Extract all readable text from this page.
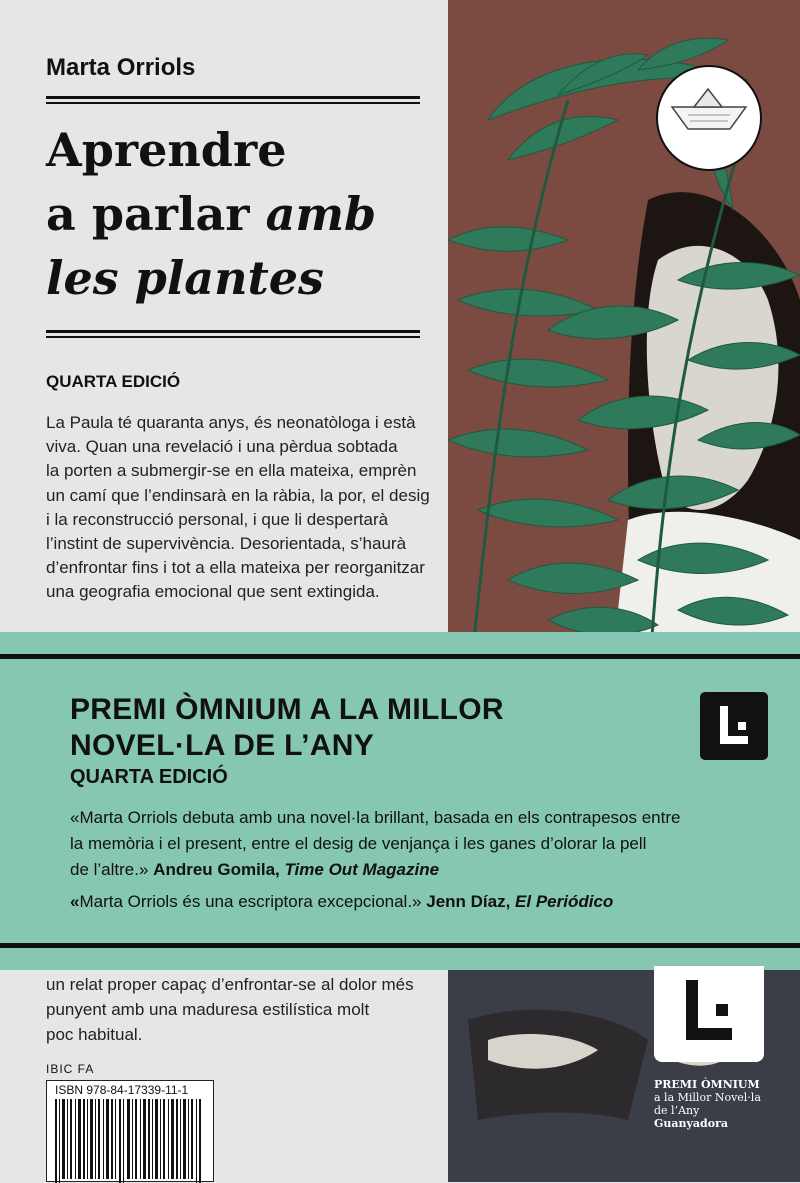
Marta Orriols
Aprendre
a parlar amb
les plantes
QUARTA EDICIÓ
La Paula té quaranta anys, és neonatòloga i està
viva. Quan una revelació i una pèrdua sobtada
la porten a submergir-se en ella mateixa, emprèn
un camí que l’endinsarà en la ràbia, la por, el desig
i la reconstrucció personal, i que li despertarà
l’instint de supervivència. Desorientada, s’haurà
d’enfrontar fins i tot a ella mateixa per reorganitzar
una geografia emocional que sent extingida.
PREMI ÒMNIUM A LA MILLOR
NOVEL·LA DE L’ANY
QUARTA EDICIÓ
«Marta Orriols debuta amb una novel·la brillant, basada en els contrapesos entre
la memòria i el present, entre el desig de venjança i les ganes d’olorar la pell
de l’altre.» Andreu Gomila, Time Out Magazine
«Marta Orriols és una escriptora excepcional.» Jenn Díaz, El Periódico
un relat proper capaç d’enfrontar-se al dolor més
punyent amb una maduresa estilística molt
poc habitual.
IBIC FA
ISBN 978-84-17339-11-1	PREMI ÒMNIUM
a la Millor Novel·la
de l’Any
Guanyadora
